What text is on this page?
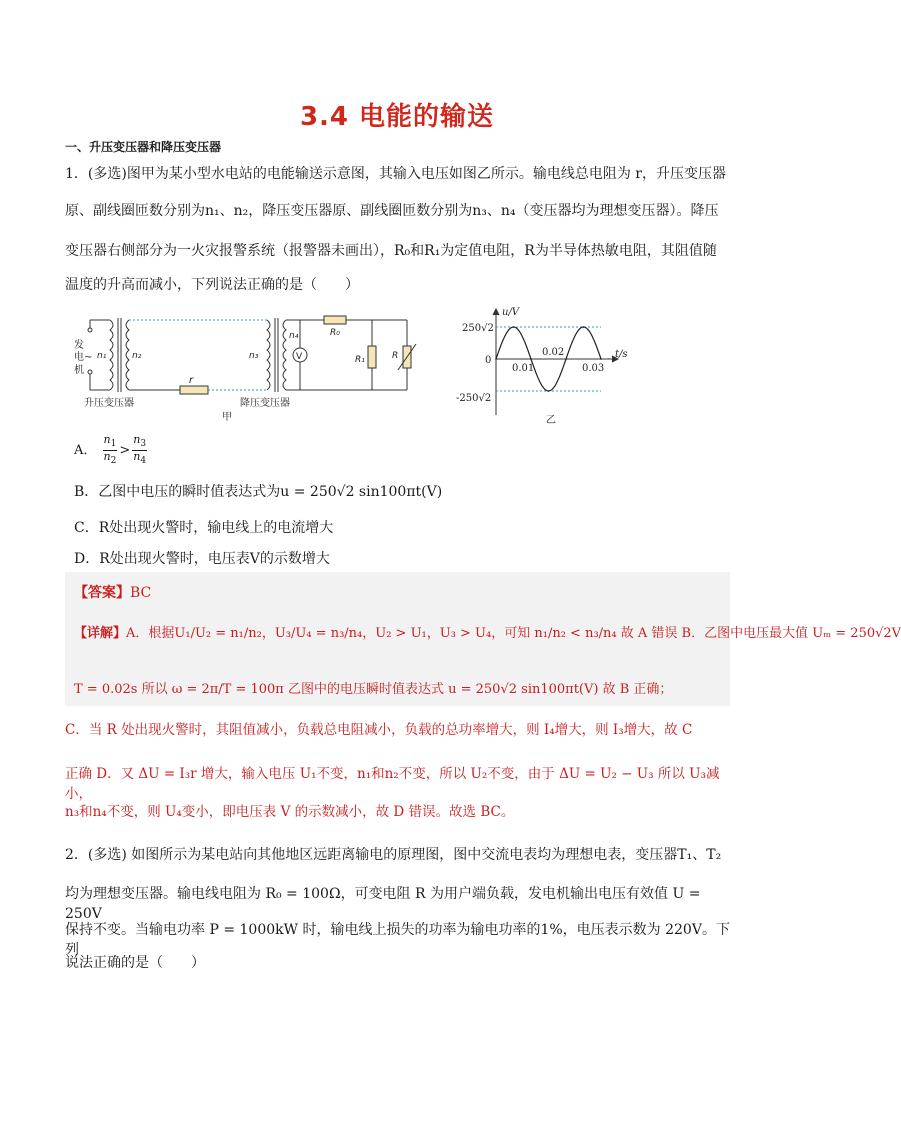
3.4 电能的输送
一、升压变压器和降压变压器
1．(多选)图甲为某小型水电站的电能输送示意图，其输入电压如图乙所示。输电线总电阻为 r，升压变压器
原、副线圈匝数分别为n₁、n₂，降压变压器原、副线圈匝数分别为n₃、n₄（变压器均为理想变压器）。降压
变压器右侧部分为一火灾报警系统（报警器未画出），R₀和R₁为定值电阻，R为半导体热敏电阻，其阻值随
温度的升高而减小，下列说法正确的是（　　）
发
电 ~
机
n₁	n₂	n₃
n₄
r
V
R₀
R₁	R
升压变压器	降压变压器
甲
u/V
t/s
250√2
-250√2
0
0.01
0.02
0.03
乙
A． $\frac{n_1}{n_2} > \frac{n_3}{n_4}$
B．乙图中电压的瞬时值表达式为u = 250√2 sin100πt(V)
C．R处出现火警时，输电线上的电流增大
D．R处出现火警时，电压表V的示数增大
【答案】BC
【详解】A．根据U₁/U₂ = n₁/n₂，U₃/U₄ = n₃/n₄，U₂ > U₁，U₃ > U₄，可知 n₁/n₂ < n₃/n₄ 故 A 错误 B．乙图中电压最大值 Uₘ = 250√2V
T = 0.02s 所以 ω = 2π/T = 100π 乙图中的电压瞬时值表达式 u = 250√2 sin100πt(V) 故 B 正确；
C．当 R 处出现火警时，其阻值减小，负载总电阻减小，负载的总功率增大，则 I₄增大，则 I₃增大，故 C
正确 D．又 ΔU = I₃r 增大，输入电压 U₁不变，n₁和n₂不变，所以 U₂不变，由于 ΔU = U₂ − U₃ 所以 U₃减小，
n₃和n₄不变，则 U₄变小，即电压表 V 的示数减小，故 D 错误。故选 BC。
2．(多选) 如图所示为某电站向其他地区远距离输电的原理图，图中交流电表均为理想电表，变压器T₁、T₂
均为理想变压器。输电线电阻为 R₀ = 100Ω，可变电阻 R 为用户端负载，发电机输出电压有效值 U = 250V
保持不变。当输电功率 P = 1000kW 时，输电线上损失的功率为输电功率的1%，电压表示数为 220V。下列
说法正确的是（　　）
